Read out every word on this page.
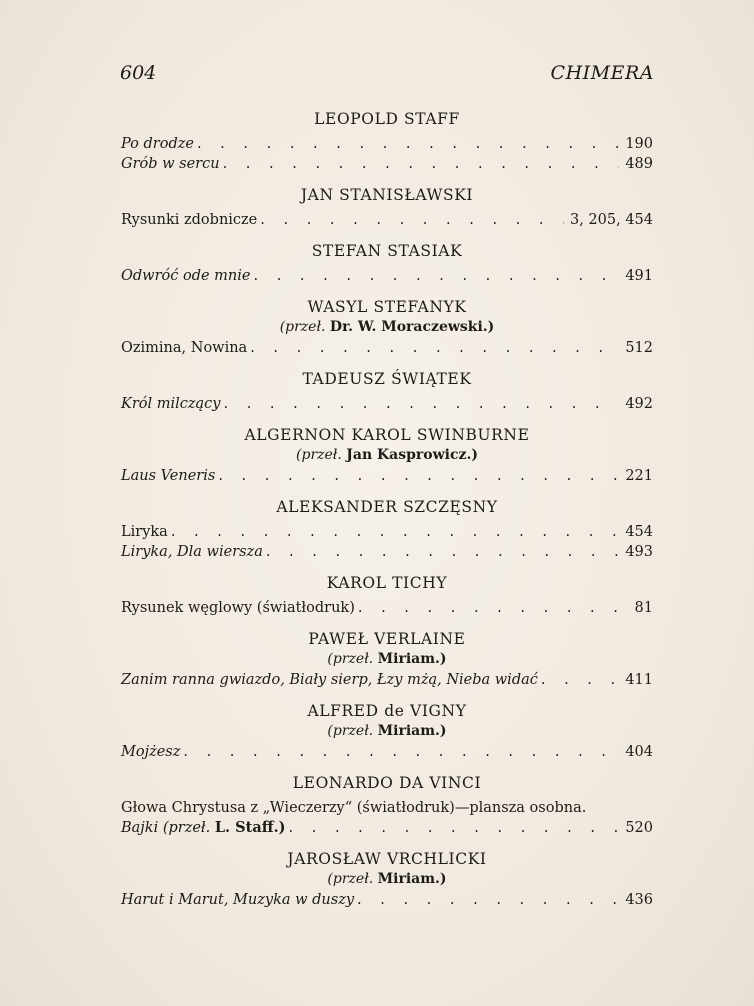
604	CHIMERA
LEOPOLD STAFF
Po drodze . . .	190
Grób w sercu . . .	489
JAN STANISŁAWSKI
Rysunki zdobnicze . . .	3, 205, 454
STEFAN STASIAK
Odwróć ode mnie . . .	491
WASYL STEFANYK
(przeł. Dr. W. Moraczewski.)
Ozimina, Nowina . . .	512
TADEUSZ ŚWIĄTEK
Król milczący . . .	492
ALGERNON KAROL SWINBURNE
(przeł. Jan Kasprowicz.)
Laus Veneris . . .	221
ALEKSANDER SZCZĘSNY
Liryka . . .	454
Liryka, Dla wiersza . . .	493
KAROL TICHY
Rysunek węglowy (światłodruk) . . .	81
PAWEŁ VERLAINE
(przeł. Miriam.)
Zanim ranna gwiazdo, Biały sierp, Łzy mżą, Nieba widać . . .	411
ALFRED de VIGNY
(przeł. Miriam.)
Mojżesz . . .	404
LEONARDO DA VINCI
Głowa Chrystusa z „Wieczerzy“ (światłodruk)—plansza osobna.
Bajki (przeł. L. Staff.) . . .	520
JAROSŁAW VRCHLICKI
(przeł. Miriam.)
Harut i Marut, Muzyka w duszy . . .	436
